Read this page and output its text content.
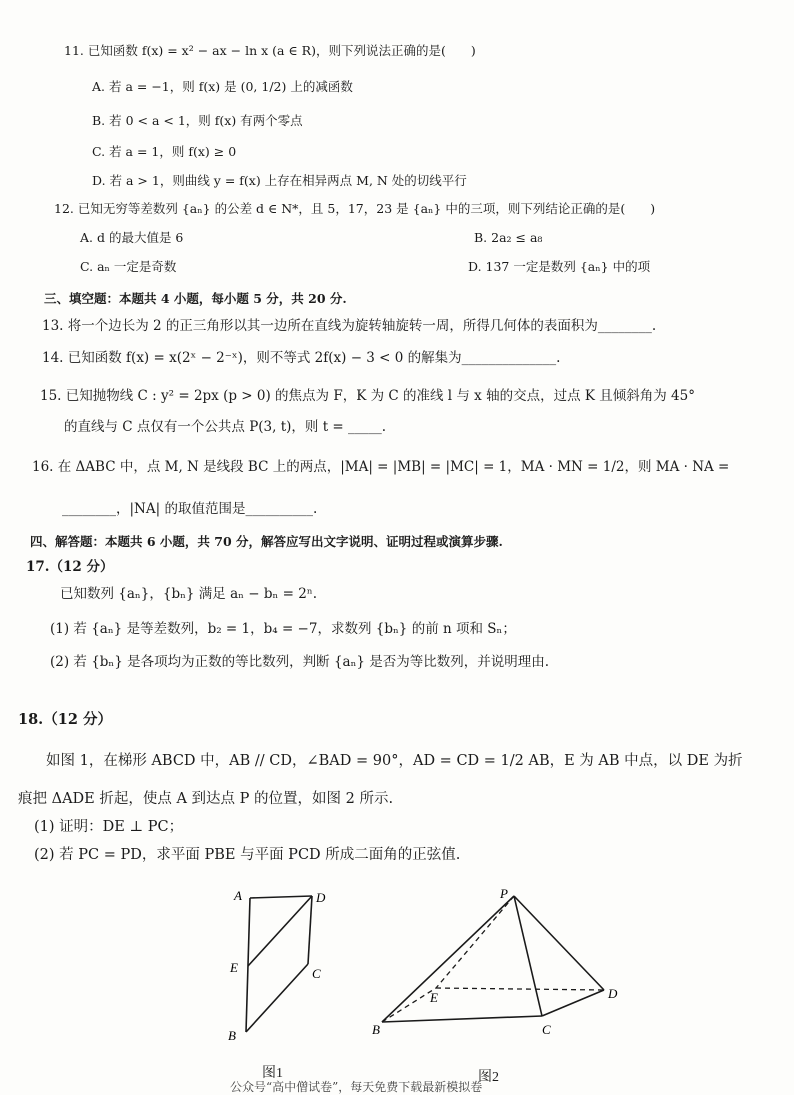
11. 已知函数 f(x) = x² − ax − ln x (a ∈ R)，则下列说法正确的是(　　)
A. 若 a = −1，则 f(x) 是 (0, 1/2) 上的减函数
B. 若 0 < a < 1，则 f(x) 有两个零点
C. 若 a = 1，则 f(x) ≥ 0
D. 若 a > 1，则曲线 y = f(x) 上存在相异两点 M, N 处的切线平行
12. 已知无穷等差数列 {aₙ} 的公差 d ∈ N*，且 5，17，23 是 {aₙ} 中的三项，则下列结论正确的是(　　)
A. d 的最大值是 6	B. 2a₂ ≤ a₈
C. aₙ 一定是奇数	D. 137 一定是数列 {aₙ} 中的项
三、填空题：本题共 4 小题，每小题 5 分，共 20 分.
13. 将一个边长为 2 的正三角形以其一边所在直线为旋转轴旋转一周，所得几何体的表面积为________.
14. 已知函数 f(x) = x(2ˣ − 2⁻ˣ)，则不等式 2f(x) − 3 < 0 的解集为______________.
15. 已知抛物线 C : y² = 2px (p > 0) 的焦点为 F，K 为 C 的准线 l 与 x 轴的交点，过点 K 且倾斜角为 45°
的直线与 C 点仅有一个公共点 P(3, t)，则 t = _____.
16. 在 ΔABC 中，点 M, N 是线段 BC 上的两点，|MA| = |MB| = |MC| = 1，MA · MN = 1/2，则 MA · NA =
________，|NA| 的取值范围是__________.
四、解答题：本题共 6 小题，共 70 分，解答应写出文字说明、证明过程或演算步骤.
17.（12 分）
已知数列 {aₙ}，{bₙ} 满足 aₙ − bₙ = 2ⁿ.
(1) 若 {aₙ} 是等差数列，b₂ = 1，b₄ = −7，求数列 {bₙ} 的前 n 项和 Sₙ；
(2) 若 {bₙ} 是各项均为正数的等比数列，判断 {aₙ} 是否为等比数列，并说明理由.
18.（12 分）
如图 1，在梯形 ABCD 中，AB // CD，∠BAD = 90°，AD = CD = 1/2 AB，E 为 AB 中点，以 DE 为折
痕把 ΔADE 折起，使点 A 到达点 P 的位置，如图 2 所示.
(1) 证明：DE ⊥ PC；
(2) 若 PC = PD，求平面 PBE 与平面 PCD 所成二面角的正弦值.
A	D
E	C
B
P
E	D
B	C
图1	图2
公众号“高中僧试卷”，每天免费下载最新模拟卷
